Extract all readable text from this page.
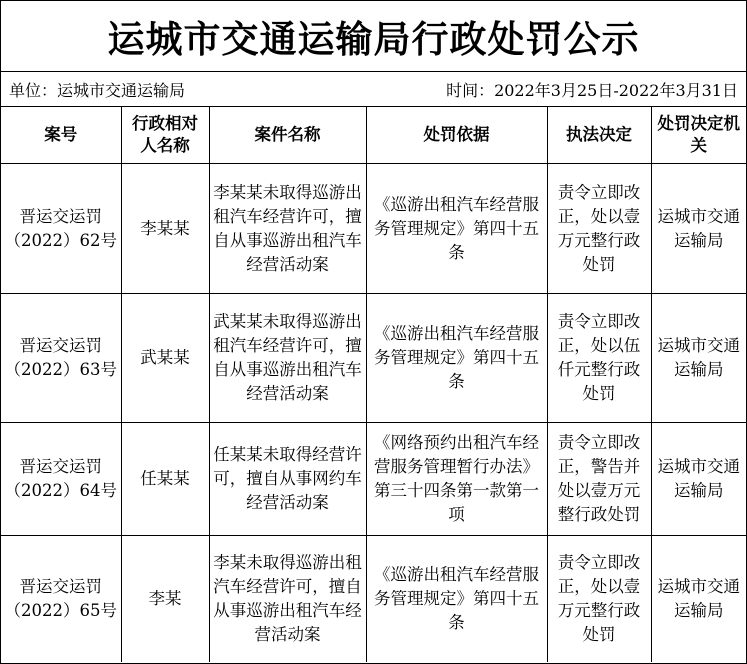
运城市交通运输局行政处罚公示
单位：运城市交通运输局	时间：2022年3月25日-2022年3月31日
案号	行政相对人名称	案件名称	处罚依据	执法决定	处罚决定机关
晋运交运罚（2022）62号	李某某	李某某未取得巡游出租汽车经营许可，擅自从事巡游出租汽车经营活动案	《巡游出租汽车经营服务管理规定》第四十五条	责令立即改正，处以壹万元整行政处罚	运城市交通运输局
晋运交运罚（2022）63号	武某某	武某某未取得巡游出租汽车经营许可，擅自从事巡游出租汽车经营活动案	《巡游出租汽车经营服务管理规定》第四十五条	责令立即改正，处以伍仟元整行政处罚	运城市交通运输局
晋运交运罚（2022）64号	任某某	任某某未取得经营许可，擅自从事网约车经营活动案	《网络预约出租汽车经营服务管理暂行办法》第三十四条第一款第一项	责令立即改正，警告并处以壹万元整行政处罚	运城市交通运输局
晋运交运罚（2022）65号	李某	李某未取得巡游出租汽车经营许可，擅自从事巡游出租汽车经营活动案	《巡游出租汽车经营服务管理规定》第四十五条	责令立即改正，处以壹万元整行政处罚	运城市交通运输局
